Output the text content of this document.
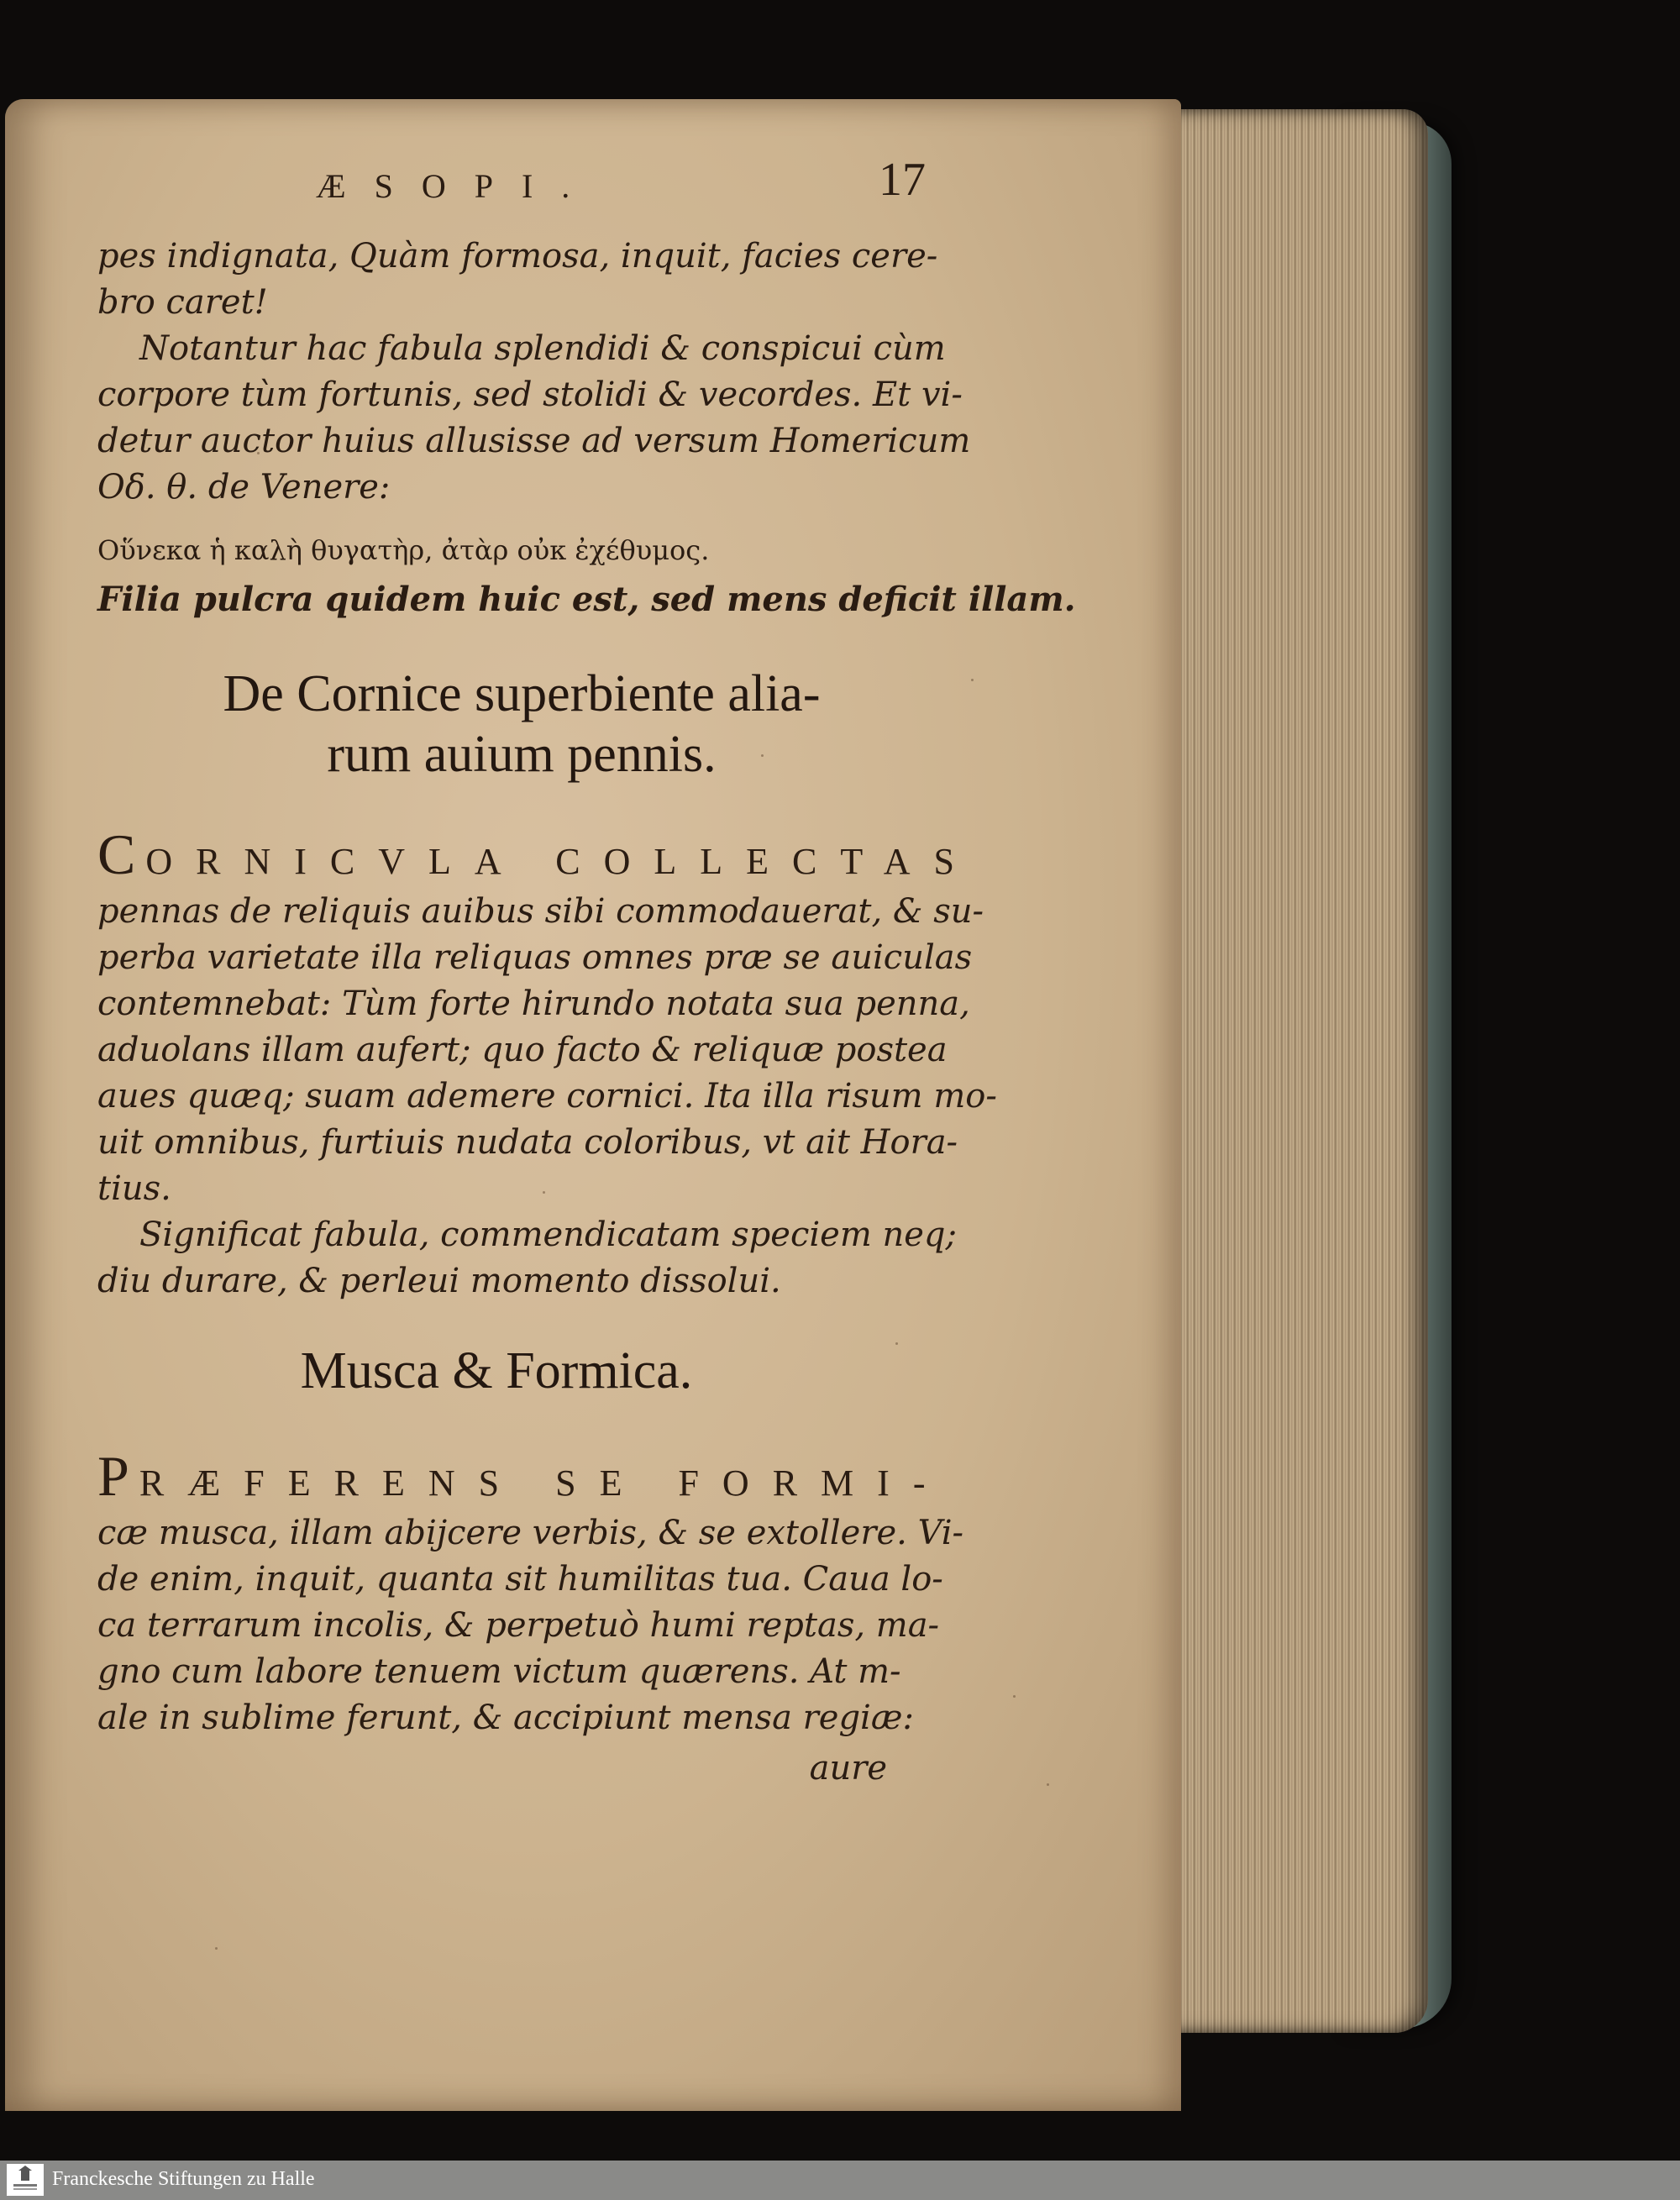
ÆSOPI.	17
pes indignata, Quàm formosa, inquit, facies cere-
bro caret!
Notantur hac fabula splendidi & conspicui cùm
corpore tùm fortunis, sed stolidi & vecordes. Et vi-
detur auctor huius allusisse ad versum Homericum
Οδ. θ. de Venere:
Οὕνεκα ἡ καλὴ θυγατὴρ, ἀτὰρ οὐκ ἐχέθυμος.
Filia pulcra quidem huic est, sed mens deficit illam.
De Cornice superbiente alia-
rum auium pennis.
CORNICVLA COLLECTAS
pennas de reliquis auibus sibi commodauerat, & su-
perba varietate illa reliquas omnes præ se auiculas
contemnebat: Tùm forte hirundo notata sua penna,
aduolans illam aufert; quo facto & reliquæ postea
aues quæq; suam ademere cornici. Ita illa risum mo-
uit omnibus, furtiuis nudata coloribus, vt ait Hora-
tius.
Significat fabula, commendicatam speciem neq;
diu durare, & perleui momento dissolui.
Musca & Formica.
PRÆFERENS SE FORMI-
cæ musca, illam abijcere verbis, & se extollere. Vi-
de enim, inquit, quanta sit humilitas tua. Caua lo-
ca terrarum incolis, & perpetuò humi reptas, ma-
gno cum labore tenuem victum quærens. At m-
ale in sublime ferunt, & accipiunt mensa regiæ:
aure
Franckesche Stiftungen zu Halle
